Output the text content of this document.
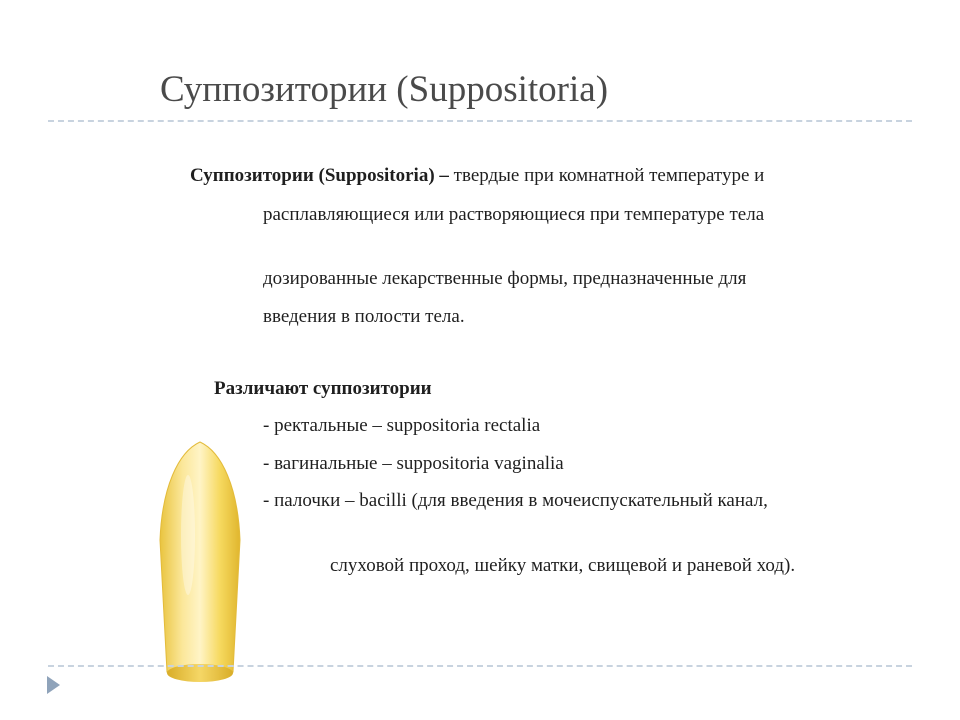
Суппозитории (Suppositoria)
Суппозитории (Suppositoria) – твердые при комнатной температуре и
расплавляющиеся или растворяющиеся при температуре тела
дозированные лекарственные формы, предназначенные для
введения в полости тела.
Различают суппозитории
- ректальные – suppositoria rectalia
- вагинальные – suppositoria vaginalia
- палочки – bacilli (для введения в мочеиспускательный канал,
слуховой проход, шейку матки, свищевой и раневой ход).
